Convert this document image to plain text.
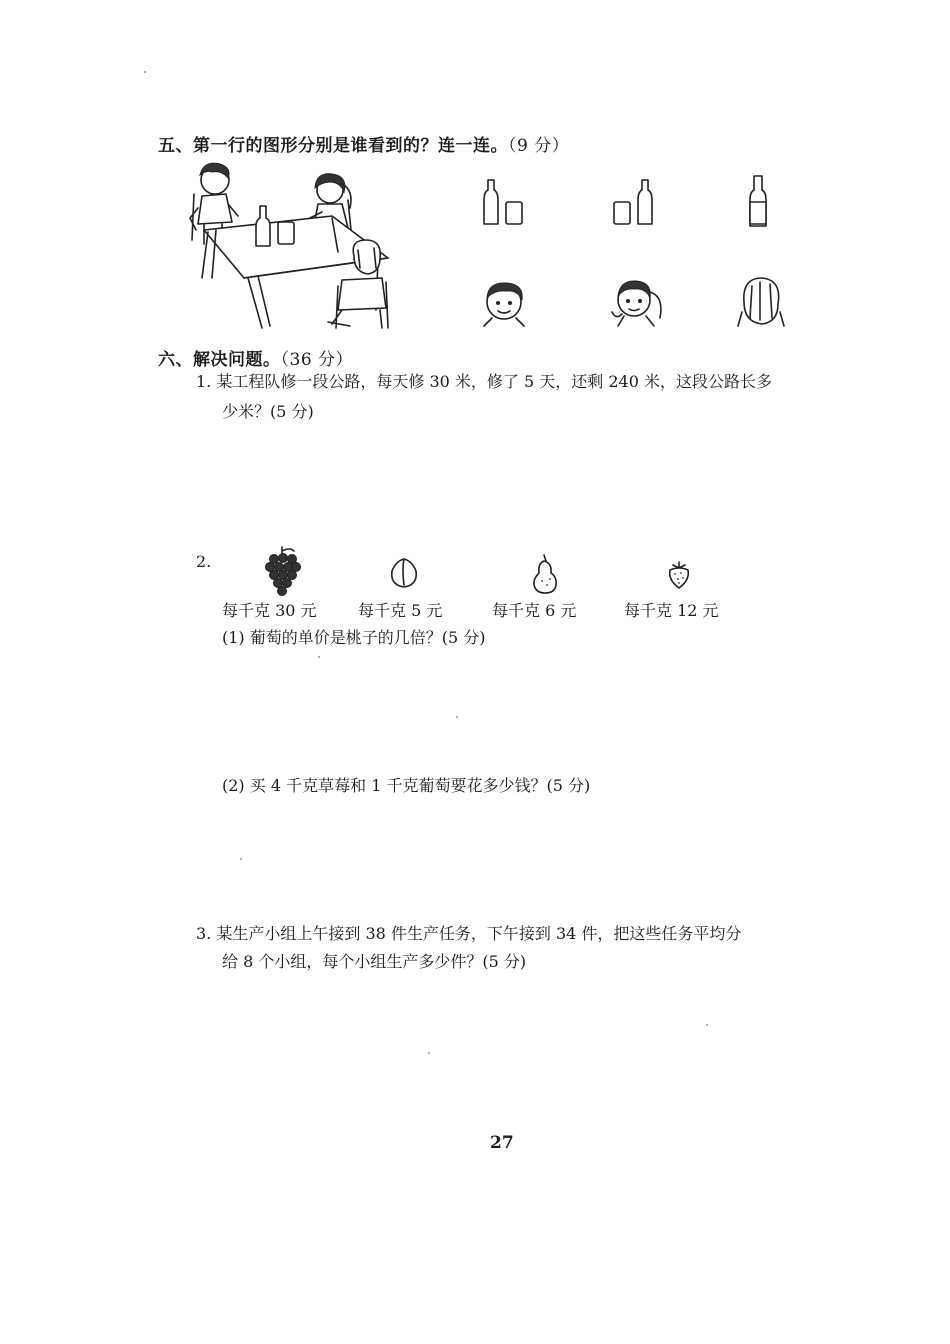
五、第一行的图形分别是谁看到的？连一连。（9 分）
六、解决问题。（36 分）
1. 某工程队修一段公路，每天修 30 米，修了 5 天，还剩 240 米，这段公路长多
少米？(5 分)
2.
每千克 30 元	每千克 5 元	每千克 6 元	每千克 12 元
(1) 葡萄的单价是桃子的几倍？(5 分)
(2) 买 4 千克草莓和 1 千克葡萄要花多少钱？(5 分)
3. 某生产小组上午接到 38 件生产任务，下午接到 34 件，把这些任务平均分
给 8 个小组，每个小组生产多少件？(5 分)
27
